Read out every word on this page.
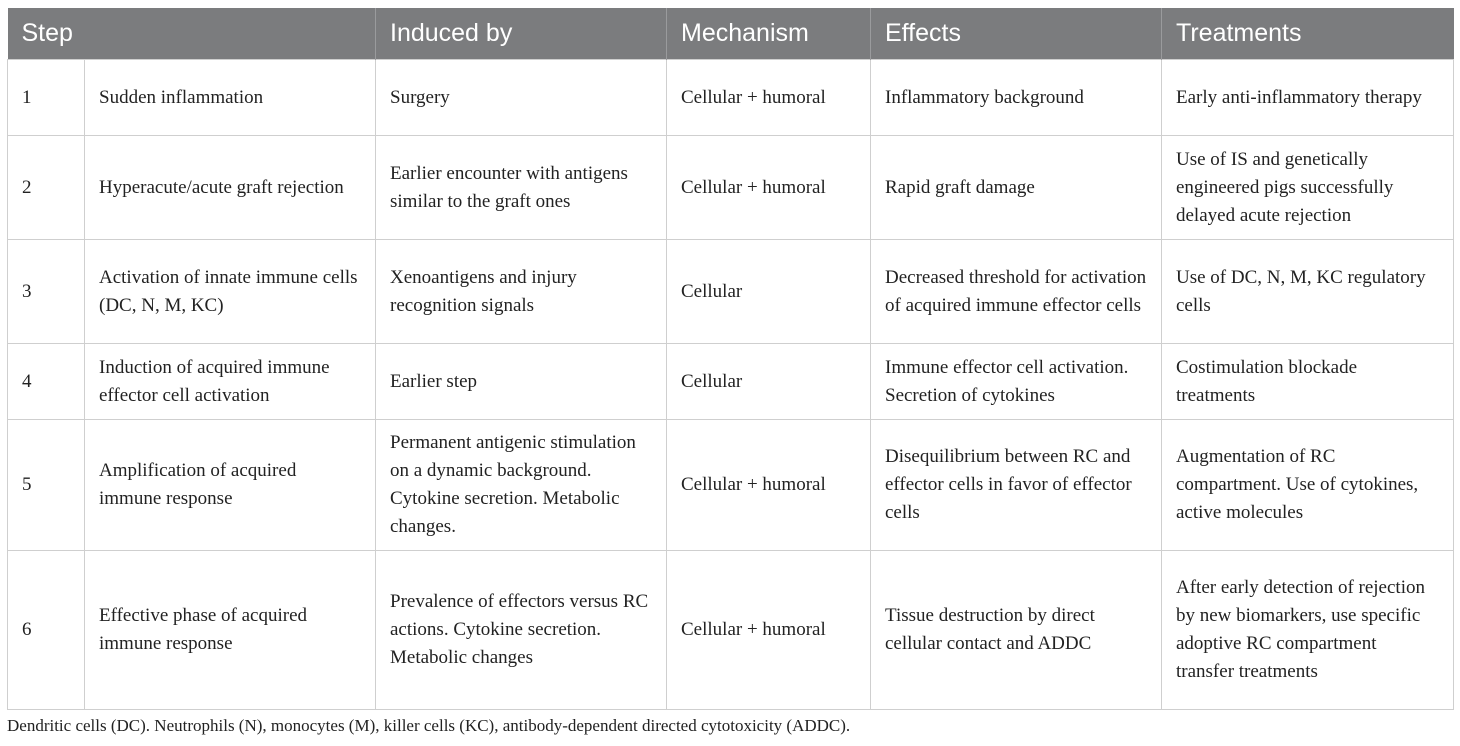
Step		Induced by	Mechanism	Effects	Treatments
1	Sudden inflammation	Surgery	Cellular + humoral	Inflammatory background	Early anti-inflammatory therapy
2	Hyperacute/acute graft rejection	Earlier encounter with antigens similar to the graft ones	Cellular + humoral	Rapid graft damage	Use of IS and genetically engineered pigs successfully delayed acute rejection
3	Activation of innate immune cells (DC, N, M, KC)	Xenoantigens and injury recognition signals	Cellular	Decreased threshold for activation of acquired immune effector cells	Use of DC, N, M, KC regulatory cells
4	Induction of acquired immune effector cell activation	Earlier step	Cellular	Immune effector cell activation. Secretion of cytokines	Costimulation blockade treatments
5	Amplification of acquired immune response	Permanent antigenic stimulation on a dynamic background. Cytokine secretion. Metabolic changes.	Cellular + humoral	Disequilibrium between RC and effector cells in favor of effector cells	Augmentation of RC compartment. Use of cytokines, active molecules
6	Effective phase of acquired immune response	Prevalence of effectors versus RC actions. Cytokine secretion. Metabolic changes	Cellular + humoral	Tissue destruction by direct cellular contact and ADDC	After early detection of rejection by new biomarkers, use specific adoptive RC compartment transfer treatments
Dendritic cells (DC). Neutrophils (N), monocytes (M), killer cells (KC), antibody-dependent directed cytotoxicity (ADDC).
